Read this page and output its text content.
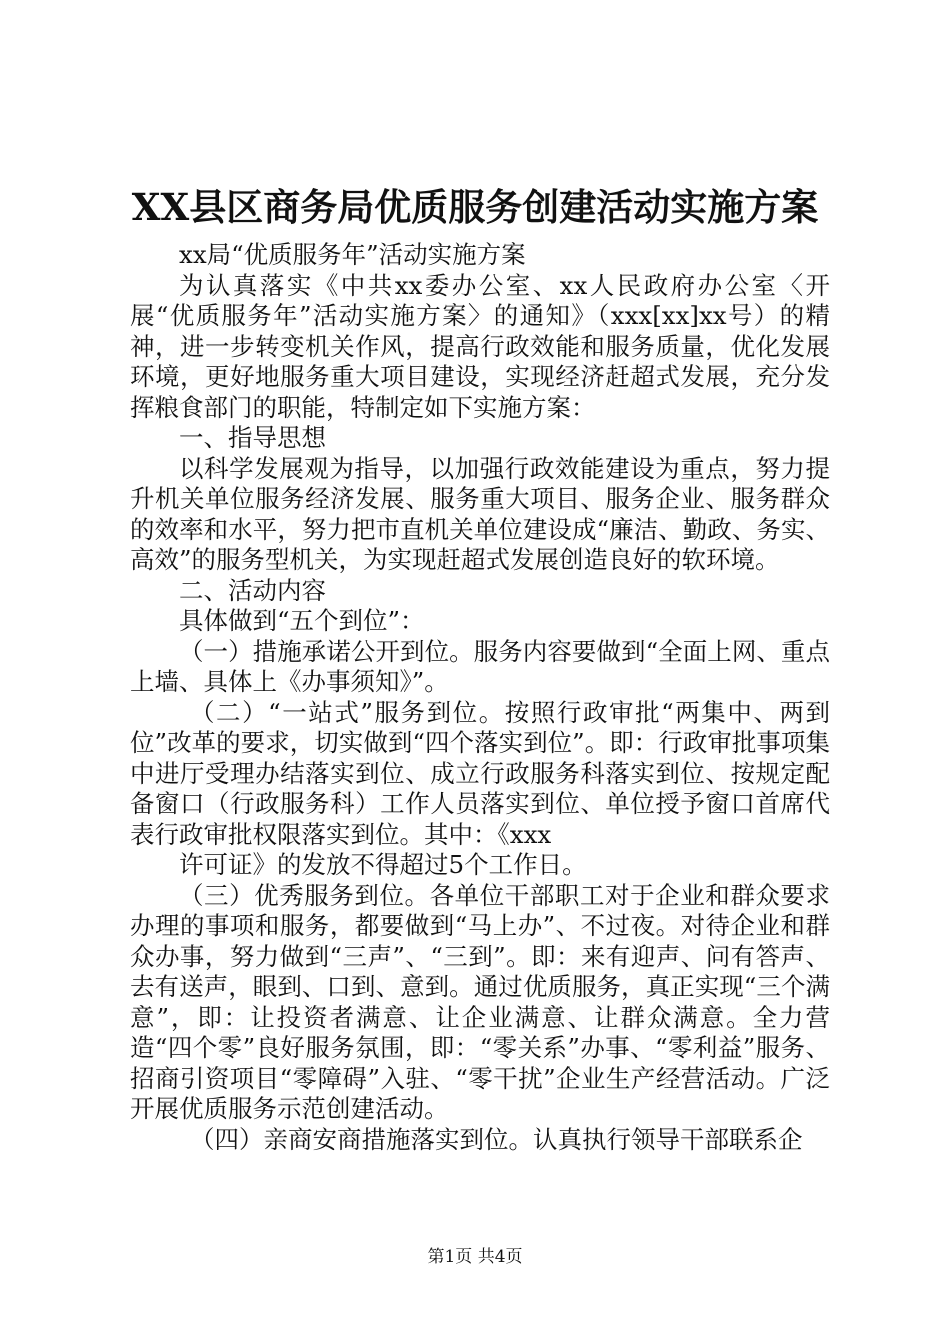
XX县区商务局优质服务创建活动实施方案

xx局“优质服务年”活动实施方案

为认真落实《中共xx委办公室、xx人民政府办公室〈开展“优质服务年”活动实施方案〉的通知》（xxx[xx]xx号）的精神，进一步转变机关作风，提高行政效能和服务质量，优化发展环境，更好地服务重大项目建设，实现经济赶超式发展，充分发挥粮食部门的职能，特制定如下实施方案：

一、指导思想

以科学发展观为指导，以加强行政效能建设为重点，努力提升机关单位服务经济发展、服务重大项目、服务企业、服务群众的效率和水平，努力把市直机关单位建设成“廉洁、勤政、务实、高效”的服务型机关，为实现赶超式发展创造良好的软环境。

二、活动内容

具体做到“五个到位”：

（一）措施承诺公开到位。服务内容要做到“全面上网、重点上墙、具体上《办事须知》”。

（二）“一站式”服务到位。按照行政审批“两集中、两到位”改革的要求，切实做到“四个落实到位”。即：行政审批事项集中进厅受理办结落实到位、成立行政服务科落实到位、按规定配备窗口（行政服务科）工作人员落实到位、单位授予窗口首席代表行政审批权限落实到位。其中：《xxx

许可证》的发放不得超过5个工作日。

（三）优秀服务到位。各单位干部职工对于企业和群众要求办理的事项和服务，都要做到“马上办”、不过夜。对待企业和群众办事，努力做到“三声”、“三到”。即：来有迎声、问有答声、去有送声，眼到、口到、意到。通过优质服务，真正实现“三个满意”，即：让投资者满意、让企业满意、让群众满意。全力营造“四个零”良好服务氛围，即：“零关系”办事、“零利益”服务、招商引资项目“零障碍”入驻、“零干扰”企业生产经营活动。广泛开展优质服务示范创建活动。

（四）亲商安商措施落实到位。认真执行领导干部联系企

第1页 共4页
